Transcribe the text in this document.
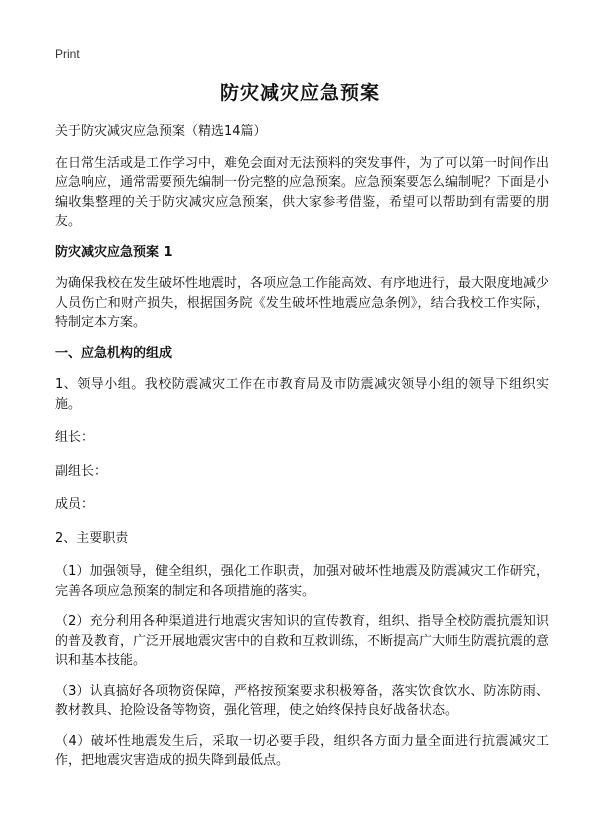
Print
防灾减灾应急预案

关于防灾减灾应急预案（精选14篇）

在日常生活或是工作学习中，难免会面对无法预料的突发事件，为了可以第一时间作出应急响应，通常需要预先编制一份完整的应急预案。应急预案要怎么编制呢？下面是小编收集整理的关于防灾减灾应急预案，供大家参考借鉴，希望可以帮助到有需要的朋友。

防灾减灾应急预案 1

为确保我校在发生破坏性地震时，各项应急工作能高效、有序地进行，最大限度地减少人员伤亡和财产损失，根据国务院《发生破坏性地震应急条例》，结合我校工作实际，特制定本方案。

一、应急机构的组成

1、领导小组。我校防震减灾工作在市教育局及市防震减灾领导小组的领导下组织实施。

组长：

副组长：

成员：

2、主要职责

（1）加强领导，健全组织，强化工作职责，加强对破坏性地震及防震减灾工作研究，完善各项应急预案的制定和各项措施的落实。

（2）充分利用各种渠道进行地震灾害知识的宣传教育，组织、指导全校防震抗震知识的普及教育，广泛开展地震灾害中的自救和互救训练，不断提高广大师生防震抗震的意识和基本技能。

（3）认真搞好各项物资保障，严格按预案要求积极筹备，落实饮食饮水、防冻防雨、教材教具、抢险设备等物资，强化管理，使之始终保持良好战备状态。

（4）破坏性地震发生后，采取一切必要手段，组织各方面力量全面进行抗震减灾工作，把地震灾害造成的损失降到最低点。
